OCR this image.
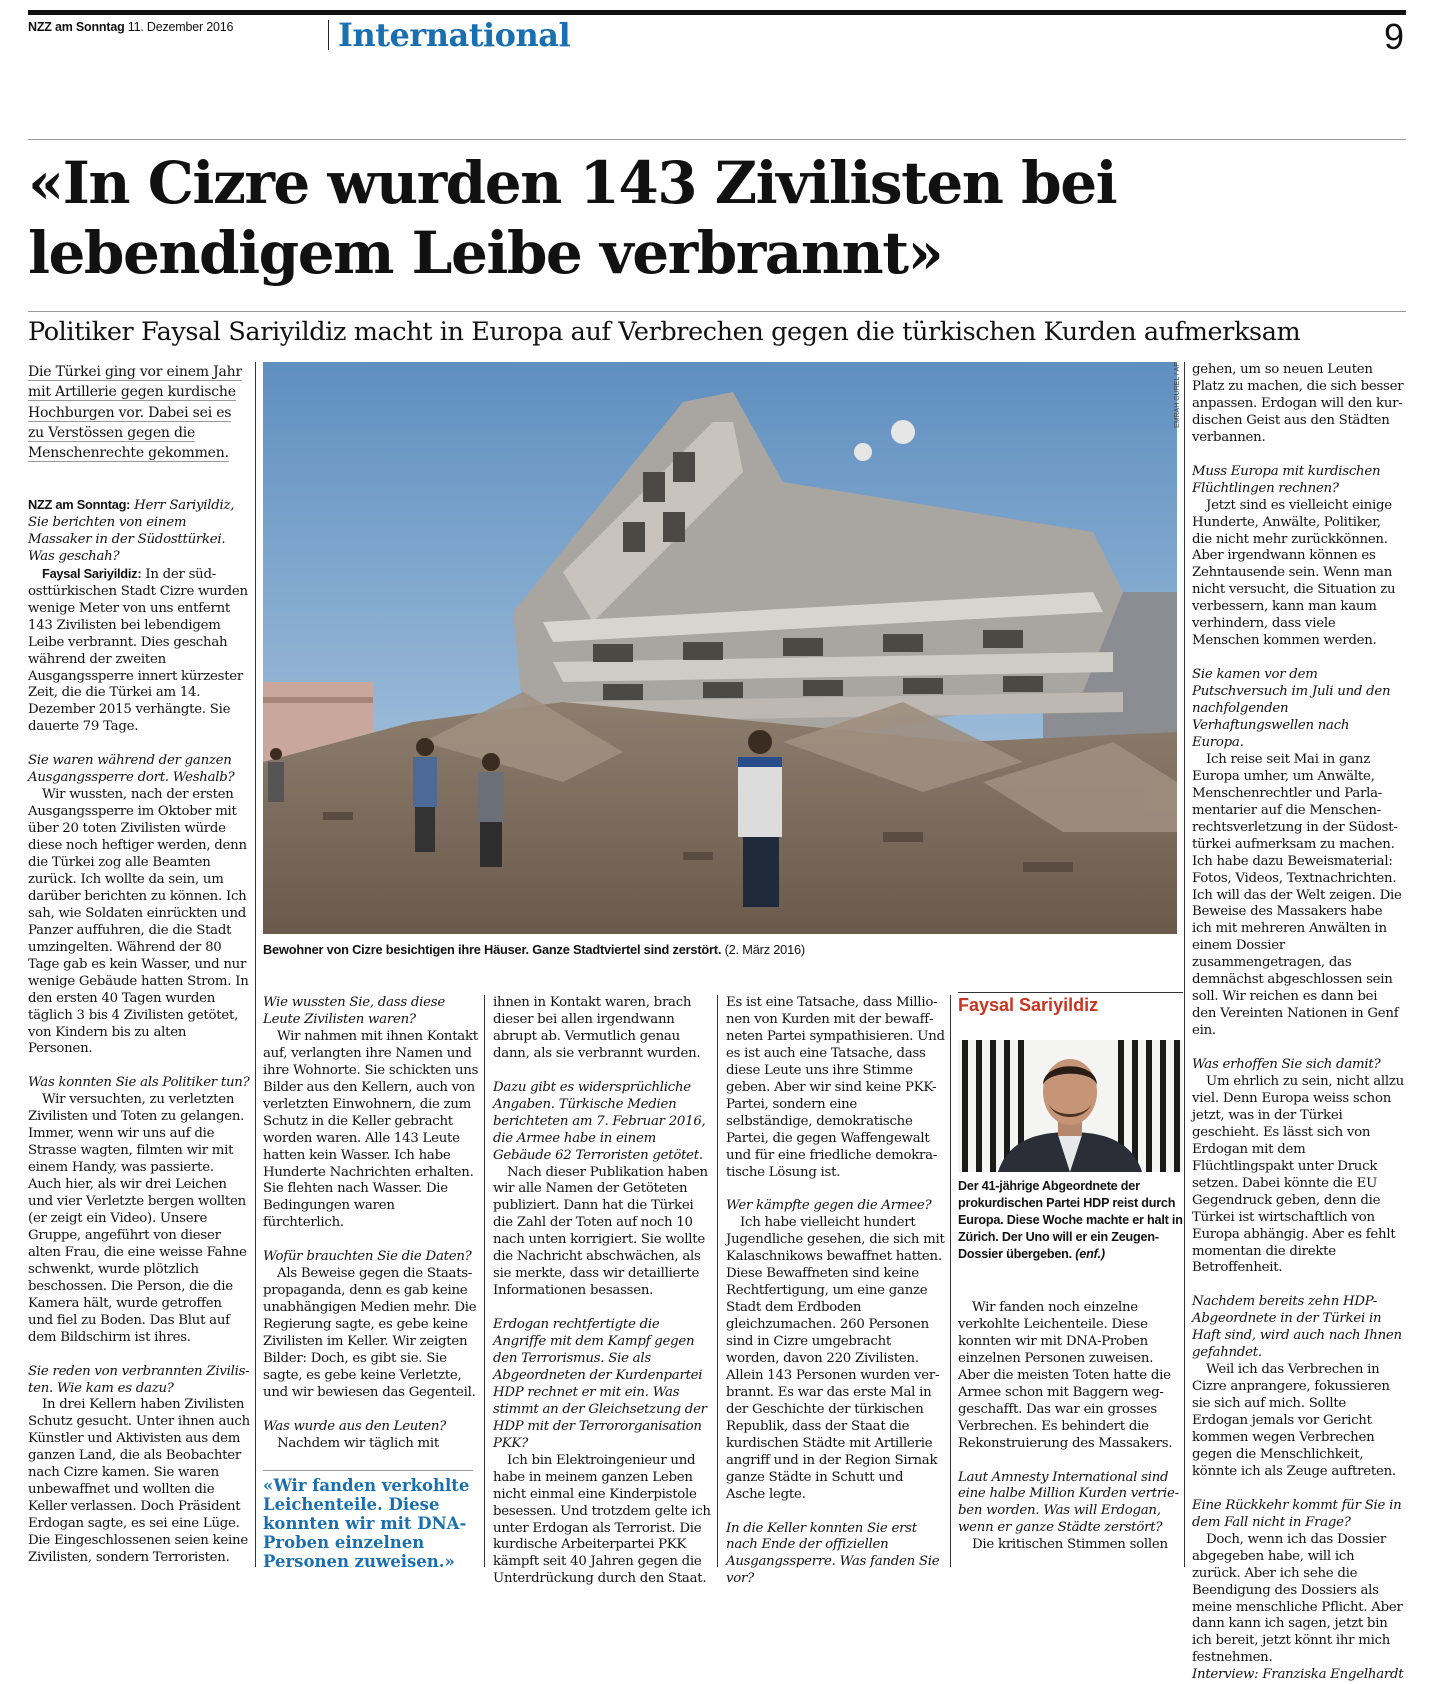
NZZ am Sonntag 11. Dezember 2016	International	9
«In Cizre wurden 143 Zivilisten bei lebendigem Leibe verbrannt»
Politiker Faysal Sariyildiz macht in Europa auf Verbrechen gegen die türkischen Kurden aufmerksam
Die Türkei ging vor einem Jahr mit Artillerie gegen kurdische Hochburgen vor. Dabei sei es zu Verstössen gegen die Menschenrechte gekommen.

NZZ am Sonntag: Herr Sariyildiz, Sie berichten von einem Massaker in der Südosttürkei. Was geschah?

Faysal Sariyildiz: In der südosttürkischen Stadt Cizre wurden wenige Meter von uns entfernt 143 Zivilisten bei lebendigem Leibe verbrannt. Dies geschah während der zweiten Ausgangssperre innert kürzester Zeit, die die Türkei am 14. Dezember 2015 verhängte. Sie dauerte 79 Tage.

Sie waren während der ganzen Ausgangssperre dort. Weshalb?

Wir wussten, nach der ersten Ausgangssperre im Oktober mit über 20 toten Zivilisten würde diese noch heftiger werden, denn die Türkei zog alle Beamten zurück. Ich wollte da sein, um darüber berichten zu können. Ich sah, wie Soldaten einrückten und Panzer auffuhren, die die Stadt umzingelten. Während der 80 Tage gab es kein Wasser, und nur wenige Gebäude hatten Strom. In den ersten 40 Tagen wurden täglich 3 bis 4 Zivilisten getötet, von Kindern bis zu alten Personen.

Was konnten Sie als Politiker tun?

Wir versuchten, zu verletzten Zivilisten und Toten zu gelangen. Immer, wenn wir uns auf die Strasse wagten, filmten wir mit einem Handy, was passierte. Auch hier, als wir drei Leichen und vier Verletzte bergen wollten (er zeigt ein Video). Unsere Gruppe, angeführt von dieser alten Frau, die eine weisse Fahne schwenkt, wurde plötzlich beschossen. Die Person, die die Kamera hält, wurde getroffen und fiel zu Boden. Das Blut auf dem Bildschirm ist ihres.

Sie reden von verbrannten Zivilisten. Wie kam es dazu?

In drei Kellern haben Zivilisten Schutz gesucht. Unter ihnen auch Künstler und Aktivisten aus dem ganzen Land, die als Beobachter nach Cizre kamen. Sie waren unbewaffnet und wollten die Keller verlassen. Doch Präsident Erdogan sagte, es sei eine Lüge. Die Eingeschlossenen seien keine Zivilisten, sondern Terroristen.

EMRAH GUREL / AP
Bewohner von Cizre besichtigen ihre Häuser. Ganze Stadtviertel sind zerstört. (2. März 2016)

Wie wussten Sie, dass diese Leute Zivilisten waren?

Wir nahmen mit ihnen Kontakt auf, verlangten ihre Namen und ihre Wohnorte. Sie schickten uns Bilder aus den Kellern, auch von verletzten Einwohnern, die zum Schutz in die Keller gebracht worden waren. Alle 143 Leute hatten kein Wasser. Ich habe Hunderte Nachrichten erhalten. Sie flehten nach Wasser. Die Bedingungen waren fürchterlich.

Wofür brauchten Sie die Daten?

Als Beweise gegen die Staatspropaganda, denn es gab keine unabhängigen Medien mehr. Die Regierung sagte, es gebe keine Zivilisten im Keller. Wir zeigten Bilder: Doch, es gibt sie. Sie sagte, es gebe keine Verletzte, und wir bewiesen das Gegenteil.

Was wurde aus den Leuten?

Nachdem wir täglich mit

«Wir fanden verkohlte Leichenteile. Diese konnten wir mit DNA-Proben einzelnen Personen zuweisen.»

ihnen in Kontakt waren, brach dieser bei allen irgendwann abrupt ab. Vermutlich genau dann, als sie verbrannt wurden.

Dazu gibt es widersprüchliche Angaben. Türkische Medien berichteten am 7. Februar 2016, die Armee habe in einem Gebäude 62 Terroristen getötet.

Nach dieser Publikation haben wir alle Namen der Getöteten publiziert. Dann hat die Türkei die Zahl der Toten auf noch 10 nach unten korrigiert. Sie wollte die Nachricht abschwächen, als sie merkte, dass wir detaillierte Informationen besassen.

Erdogan rechtfertigte die Angriffe mit dem Kampf gegen den Terrorismus. Sie als Abgeordneten der Kurdenpartei HDP rechnet er mit ein. Was stimmt an der Gleichsetzung der HDP mit der Terrororganisation PKK?

Ich bin Elektroingenieur und habe in meinem ganzen Leben nicht einmal eine Kinderpistole besessen. Und trotzdem gelte ich unter Erdogan als Terrorist. Die kurdische Arbeiterpartei PKK kämpft seit 40 Jahren gegen die Unterdrückung durch den Staat.

Es ist eine Tatsache, dass Millionen von Kurden mit der bewaffneten Partei sympathisieren. Und es ist auch eine Tatsache, dass diese Leute uns ihre Stimme geben. Aber wir sind keine PKK-Partei, sondern eine selbständige, demokratische Partei, die gegen Waffengewalt und für eine friedliche demokratische Lösung ist.

Wer kämpfte gegen die Armee?

Ich habe vielleicht hundert Jugendliche gesehen, die sich mit Kalaschnikows bewaffnet hatten. Diese Bewaffneten sind keine Rechtfertigung, um eine ganze Stadt dem Erdboden gleichzumachen. 260 Personen sind in Cizre umgebracht worden, davon 220 Zivilisten. Allein 143 Personen wurden verbrannt. Es war das erste Mal in der Geschichte der türkischen Republik, dass der Staat die kurdischen Städte mit Artillerie angriff und in der Region Sirnak ganze Städte in Schutt und Asche legte.

In die Keller konnten Sie erst nach Ende der offiziellen Ausgangssperre. Was fanden Sie vor?

Faysal Sariyildiz
Der 41-jährige Abgeordnete der prokurdischen Partei HDP reist durch Europa. Diese Woche machte er halt in Zürich. Der Uno will er ein Zeugen-Dossier übergeben. (enf.)

Wir fanden noch einzelne verkohlte Leichenteile. Diese konnten wir mit DNA-Proben einzelnen Personen zuweisen. Aber die meisten Toten hatte die Armee schon mit Baggern weggeschafft. Das war ein grosses Verbrechen. Es behindert die Rekonstruierung des Massakers.

Laut Amnesty International sind eine halbe Million Kurden vertrieben worden. Was will Erdogan, wenn er ganze Städte zerstört?

Die kritischen Stimmen sollen

gehen, um so neuen Leuten Platz zu machen, die sich besser anpassen. Erdogan will den kurdischen Geist aus den Städten verbannen.

Muss Europa mit kurdischen Flüchtlingen rechnen?

Jetzt sind es vielleicht einige Hunderte, Anwälte, Politiker, die nicht mehr zurückkönnen. Aber irgendwann können es Zehntausende sein. Wenn man nicht versucht, die Situation zu verbessern, kann man kaum verhindern, dass viele Menschen kommen werden.

Sie kamen vor dem Putschversuch im Juli und den nachfolgenden Verhaftungswellen nach Europa.

Ich reise seit Mai in ganz Europa umher, um Anwälte, Menschenrechtler und Parlamentarier auf die Menschenrechtsverletzung in der Südosttürkei aufmerksam zu machen. Ich habe dazu Beweismaterial: Fotos, Videos, Textnachrichten. Ich will das der Welt zeigen. Die Beweise des Massakers habe ich mit mehreren Anwälten in einem Dossier zusammengetragen, das demnächst abgeschlossen sein soll. Wir reichen es dann bei den Vereinten Nationen in Genf ein.

Was erhoffen Sie sich damit?

Um ehrlich zu sein, nicht allzu viel. Denn Europa weiss schon jetzt, was in der Türkei geschieht. Es lässt sich von Erdogan mit dem Flüchtlingspakt unter Druck setzen. Dabei könnte die EU Gegendruck geben, denn die Türkei ist wirtschaftlich von Europa abhängig. Aber es fehlt momentan die direkte Betroffenheit.

Nachdem bereits zehn HDP-Abgeordnete in der Türkei in Haft sind, wird auch nach Ihnen gefahndet.

Weil ich das Verbrechen in Cizre anprangere, fokussieren sie sich auf mich. Sollte Erdogan jemals vor Gericht kommen wegen Verbrechen gegen die Menschlichkeit, könnte ich als Zeuge auftreten.

Eine Rückkehr kommt für Sie in dem Fall nicht in Frage?

Doch, wenn ich das Dossier abgegeben habe, will ich zurück. Aber ich sehe die Beendigung des Dossiers als meine menschliche Pflicht. Aber dann kann ich sagen, jetzt bin ich bereit, jetzt könnt ihr mich festnehmen.

Interview: Franziska Engelhardt
